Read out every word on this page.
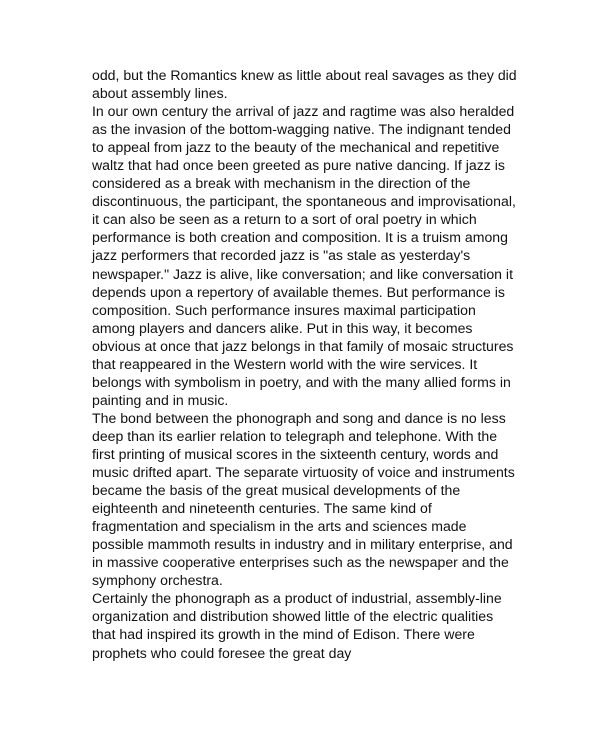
odd, but the Romantics knew as little about real savages as they did
about assembly lines.
In our own century the arrival of jazz and ragtime was also heralded
as the invasion of the bottom-wagging native. The indignant tended
to appeal from jazz to the beauty of the mechanical and repetitive
waltz that had once been greeted as pure native dancing. If jazz is
considered as a break with mechanism in the direction of the
discontinuous, the participant, the spontaneous and improvisational,
it can also be seen as a return to a sort of oral poetry in which
performance is both creation and composition. It is a truism among
jazz performers that recorded jazz is "as stale as yesterday's
newspaper." Jazz is alive, like conversation; and like conversation it
depends upon a repertory of available themes. But performance is
composition. Such performance insures maximal participation
among players and dancers alike. Put in this way, it becomes
obvious at once that jazz belongs in that family of mosaic structures
that reappeared in the Western world with the wire services. It
belongs with symbolism in poetry, and with the many allied forms in
painting and in music.
The bond between the phonograph and song and dance is no less
deep than its earlier relation to telegraph and telephone. With the
first printing of musical scores in the sixteenth century, words and
music drifted apart. The separate virtuosity of voice and instruments
became the basis of the great musical developments of the
eighteenth and nineteenth centuries. The same kind of
fragmentation and specialism in the arts and sciences made
possible mammoth results in industry and in military enterprise, and
in massive cooperative enterprises such as the newspaper and the
symphony orchestra.
Certainly the phonograph as a product of industrial, assembly-line
organization and distribution showed little of the electric qualities
that had inspired its growth in the mind of Edison. There were
prophets who could foresee the great day
